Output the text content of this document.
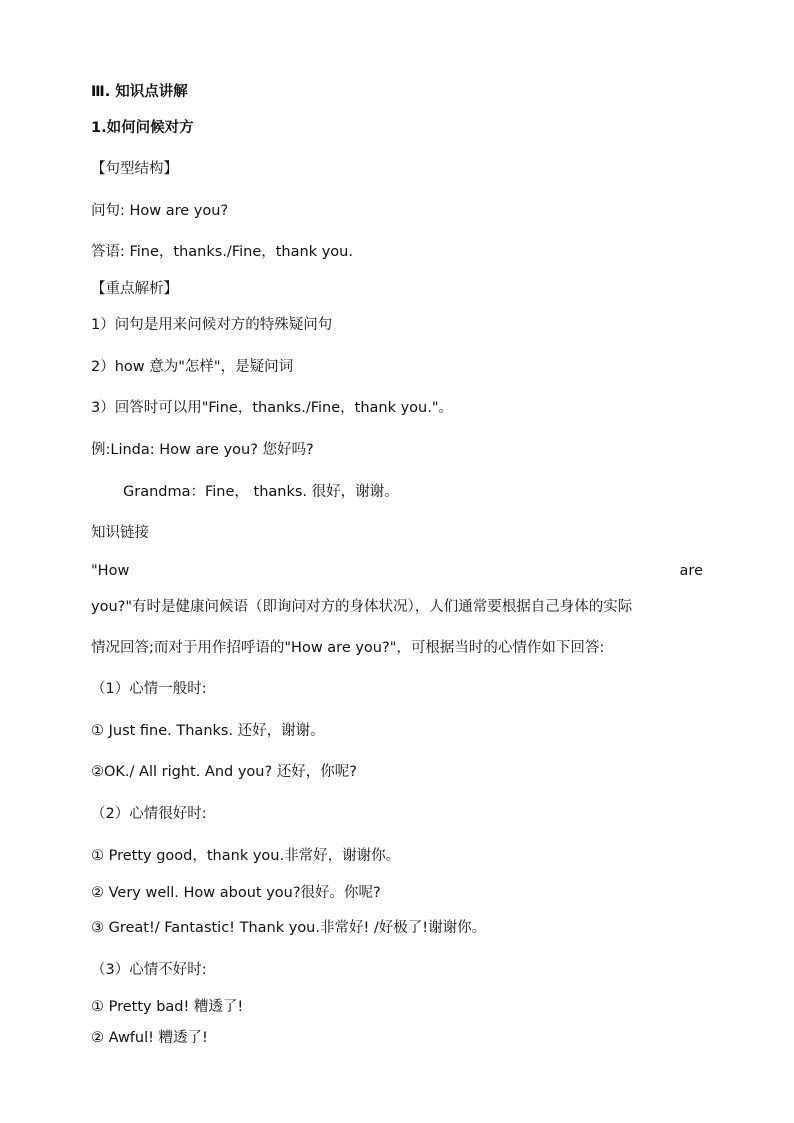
Ⅲ. 知识点讲解
1.如何问候对方
【句型结构】
问句: How are you?
答语: Fine，thanks./Fine，thank you.
【重点解析】
1）问句是用来问候对方的特殊疑问句
2）how 意为"怎样"，是疑问词
3）回答时可以用"Fine，thanks./Fine，thank you."。
例:Linda: How are you? 您好吗?
Grandma：Fine， thanks. 很好，谢谢。
知识链接
"How	are
you?"有时是健康问候语（即询问对方的身体状况），人们通常要根据自己身体的实际
情况回答;而对于用作招呼语的"How are you?"，可根据当时的心情作如下回答:
（1）心情一般时:
① Just fine. Thanks. 还好，谢谢。
②OK./ All right. And you? 还好，你呢?
（2）心情很好时:
① Pretty good，thank you.非常好，谢谢你。
② Very well. How about you?很好。你呢?
③ Great!/ Fantastic! Thank you.非常好! /好极了!谢谢你。
（3）心情不好时:
① Pretty bad! 糟透了!
② Awful! 糟透了!
